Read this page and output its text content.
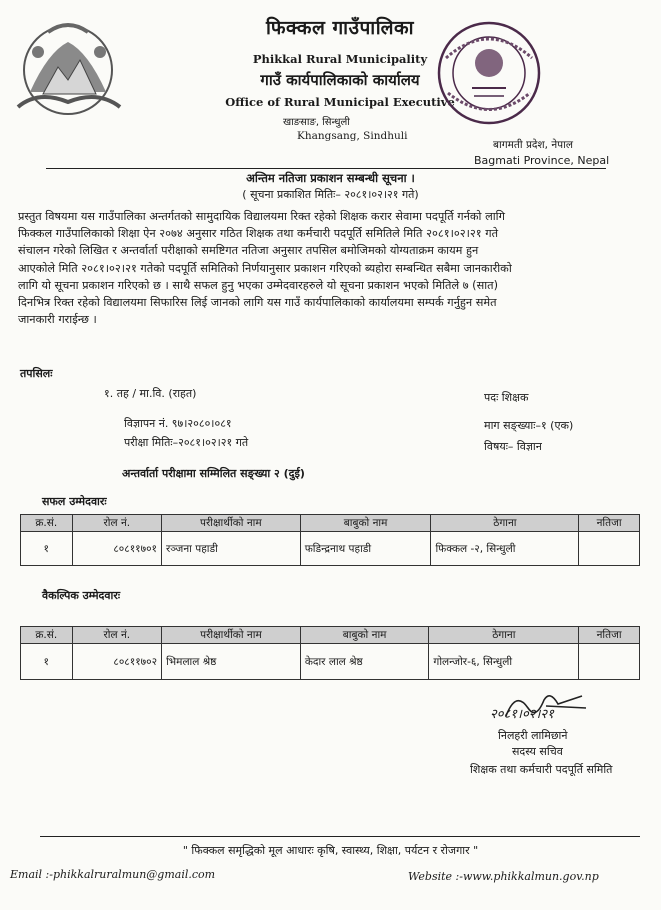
फिक्कल गाउँपालिका
Phikkal Rural Municipality
गाउँ कार्यपालिकाको कार्यालय
Office of Rural Municipal Executive
खाङसाङ, सिन्धुली
Khangsang, Sindhuli
बागमती प्रदेश, नेपाल
Bagmati Province, Nepal
अन्तिम नतिजा प्रकाशन सम्बन्धी सूचना ।
( सूचना प्रकाशित मितिः– २०८१।०२।२१ गते)
प्रस्तुत विषयमा यस गाउँपालिका अन्तर्गतको सामुदायिक विद्यालयमा रिक्त रहेको शिक्षक करार सेवामा पदपूर्ति गर्नको लागि
फिक्कल गाउँपालिकाको शिक्षा ऐन २०७४ अनुसार गठित शिक्षक तथा कर्मचारी पदपूर्ति समितिले मिति २०८१।०२।२१ गते
संचालन गरेको लिखित र अन्तर्वार्ता परीक्षाको समष्टिगत नतिजा अनुसार तपसिल बमोजिमको योग्यताक्रम कायम हुन
आएकोले मिति २०८१।०२।२१ गतेको पदपूर्ति समितिको निर्णयानुसार प्रकाशन गरिएको ब्यहोरा सम्बन्धित सबैमा जानकारीको
लागि यो सूचना प्रकाशन गरिएको छ । साथै सफल हुनु भएका उम्मेदवारहरुले यो सूचना प्रकाशन भएको मितिले ७ (सात)
दिनभित्र रिक्त रहेको विद्यालयमा सिफारिस लिई जानको लागि यस गाउँ कार्यपालिकाको कार्यालयमा सम्पर्क गर्नुहुन समेत
जानकारी गराईन्छ ।
तपसिलः
१. तह / मा.वि. (राहत)	पदः शिक्षक
विज्ञापन नं. ९७।२०८०।०८१	माग सङ्ख्याः–१ (एक)
परीक्षा मितिः–२०८१।०२।२१ गते	विषयः– विज्ञान
अन्तर्वार्ता परीक्षामा सम्मिलित सङ्ख्या २ (दुई)
सफल उम्मेदवारः
क्र.सं.	रोल नं.	परीक्षार्थीको नाम	बाबुको नाम	ठेगाना	नतिजा
१	८०८११७०१	रञ्जना पहाडी	फडिन्द्रनाथ पहाडी	फिक्कल -२, सिन्धुली	
वैकल्पिक उम्मेदवारः
क्र.सं.	रोल नं.	परीक्षार्थीको नाम	बाबुको नाम	ठेगाना	नतिजा
१	८०८११७०२	भिमलाल श्रेष्ठ	केदार लाल श्रेष्ठ	गोलन्जोर-६, सिन्धुली	
२०८१।०२।२१
निलहरी लामिछाने
सदस्य सचिव
शिक्षक तथा कर्मचारी पदपूर्ति समिति
" फिक्कल समृद्धिको मूल आधारः कृषि, स्वास्थ्य, शिक्षा, पर्यटन र रोजगार "
Email :-phikkalruralmun@gmail.com	Website :-www.phikkalmun.gov.np
